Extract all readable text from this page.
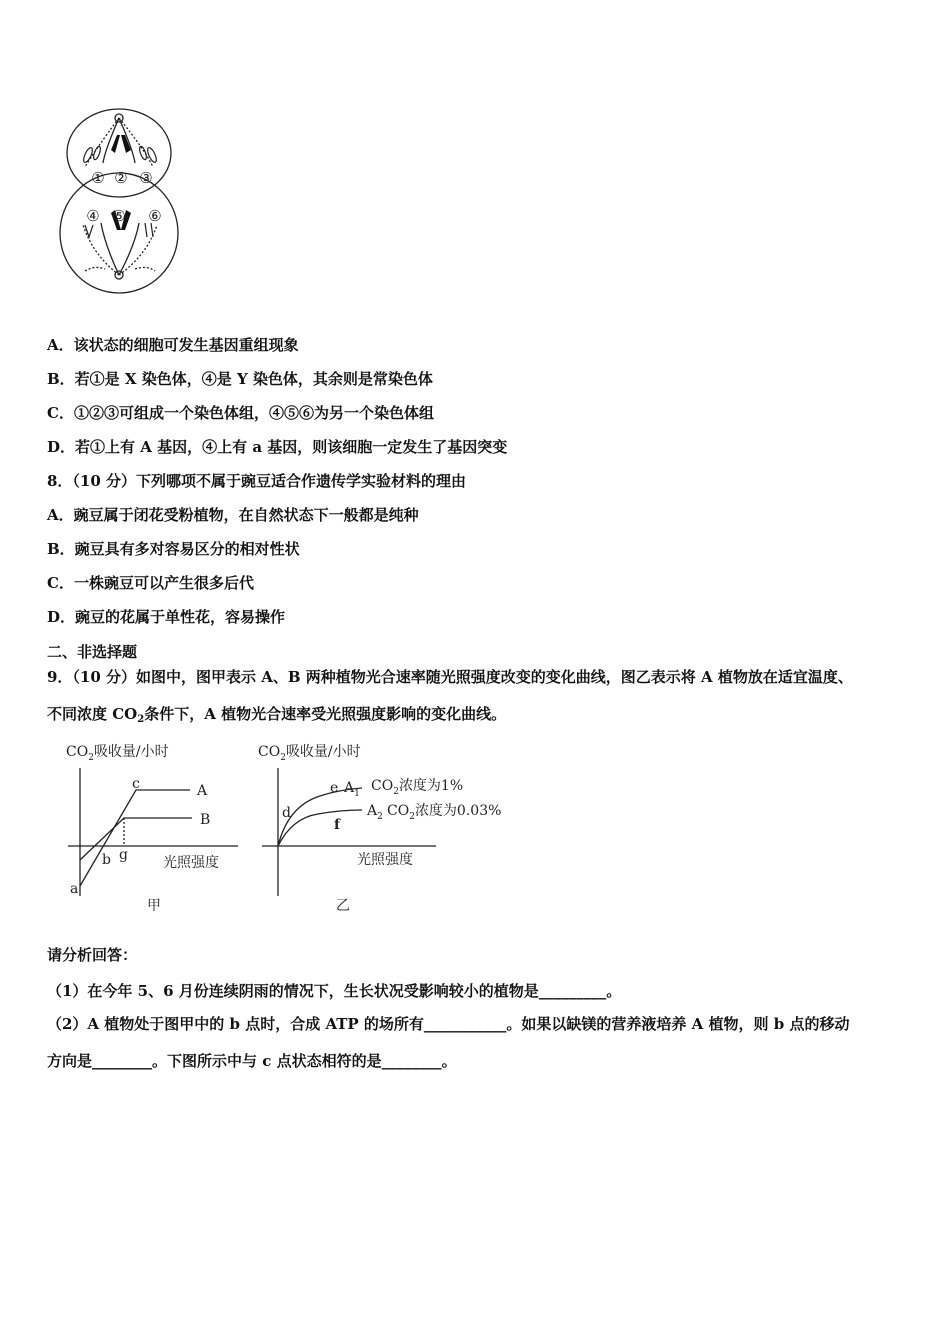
① ② ③
④ ⑤ ⑥
A．该状态的细胞可发生基因重组现象
B．若①是 X 染色体，④是 Y 染色体，其余则是常染色体
C．①②③可组成一个染色体组，④⑤⑥为另一个染色体组
D．若①上有 A 基因，④上有 a 基因，则该细胞一定发生了基因突变
8．（10 分）下列哪项不属于豌豆适合作遗传学实验材料的理由
A．豌豆属于闭花受粉植物，在自然状态下一般都是纯种
B．豌豆具有多对容易区分的相对性状
C．一株豌豆可以产生很多后代
D．豌豆的花属于单性花，容易操作
二、非选择题
9．（10 分）如图中，图甲表示 A、B 两种植物光合速率随光照强度改变的变化曲线，图乙表示将 A 植物放在适宜温度、
不同浓度 $CO_2$条件下，A 植物光合速率受光照强度影响的变化曲线。
$CO_2$吸收量/小时
A
B
a
b
c
g	光照强度
甲
$CO_2$吸收量/小时
e $A_1$ $CO_2$浓度为1%
$A_2$ $CO_2$浓度为0.03%
d
f
光照强度
乙
请分析回答：
（1）在今年 5、6 月份连续阴雨的情况下，生长状况受影响较小的植物是_________。
（2）A 植物处于图甲中的 b 点时，合成 ATP 的场所有___________。如果以缺镁的营养液培养 A 植物，则 b 点的移动
方向是________。下图所示中与 c 点状态相符的是________。
